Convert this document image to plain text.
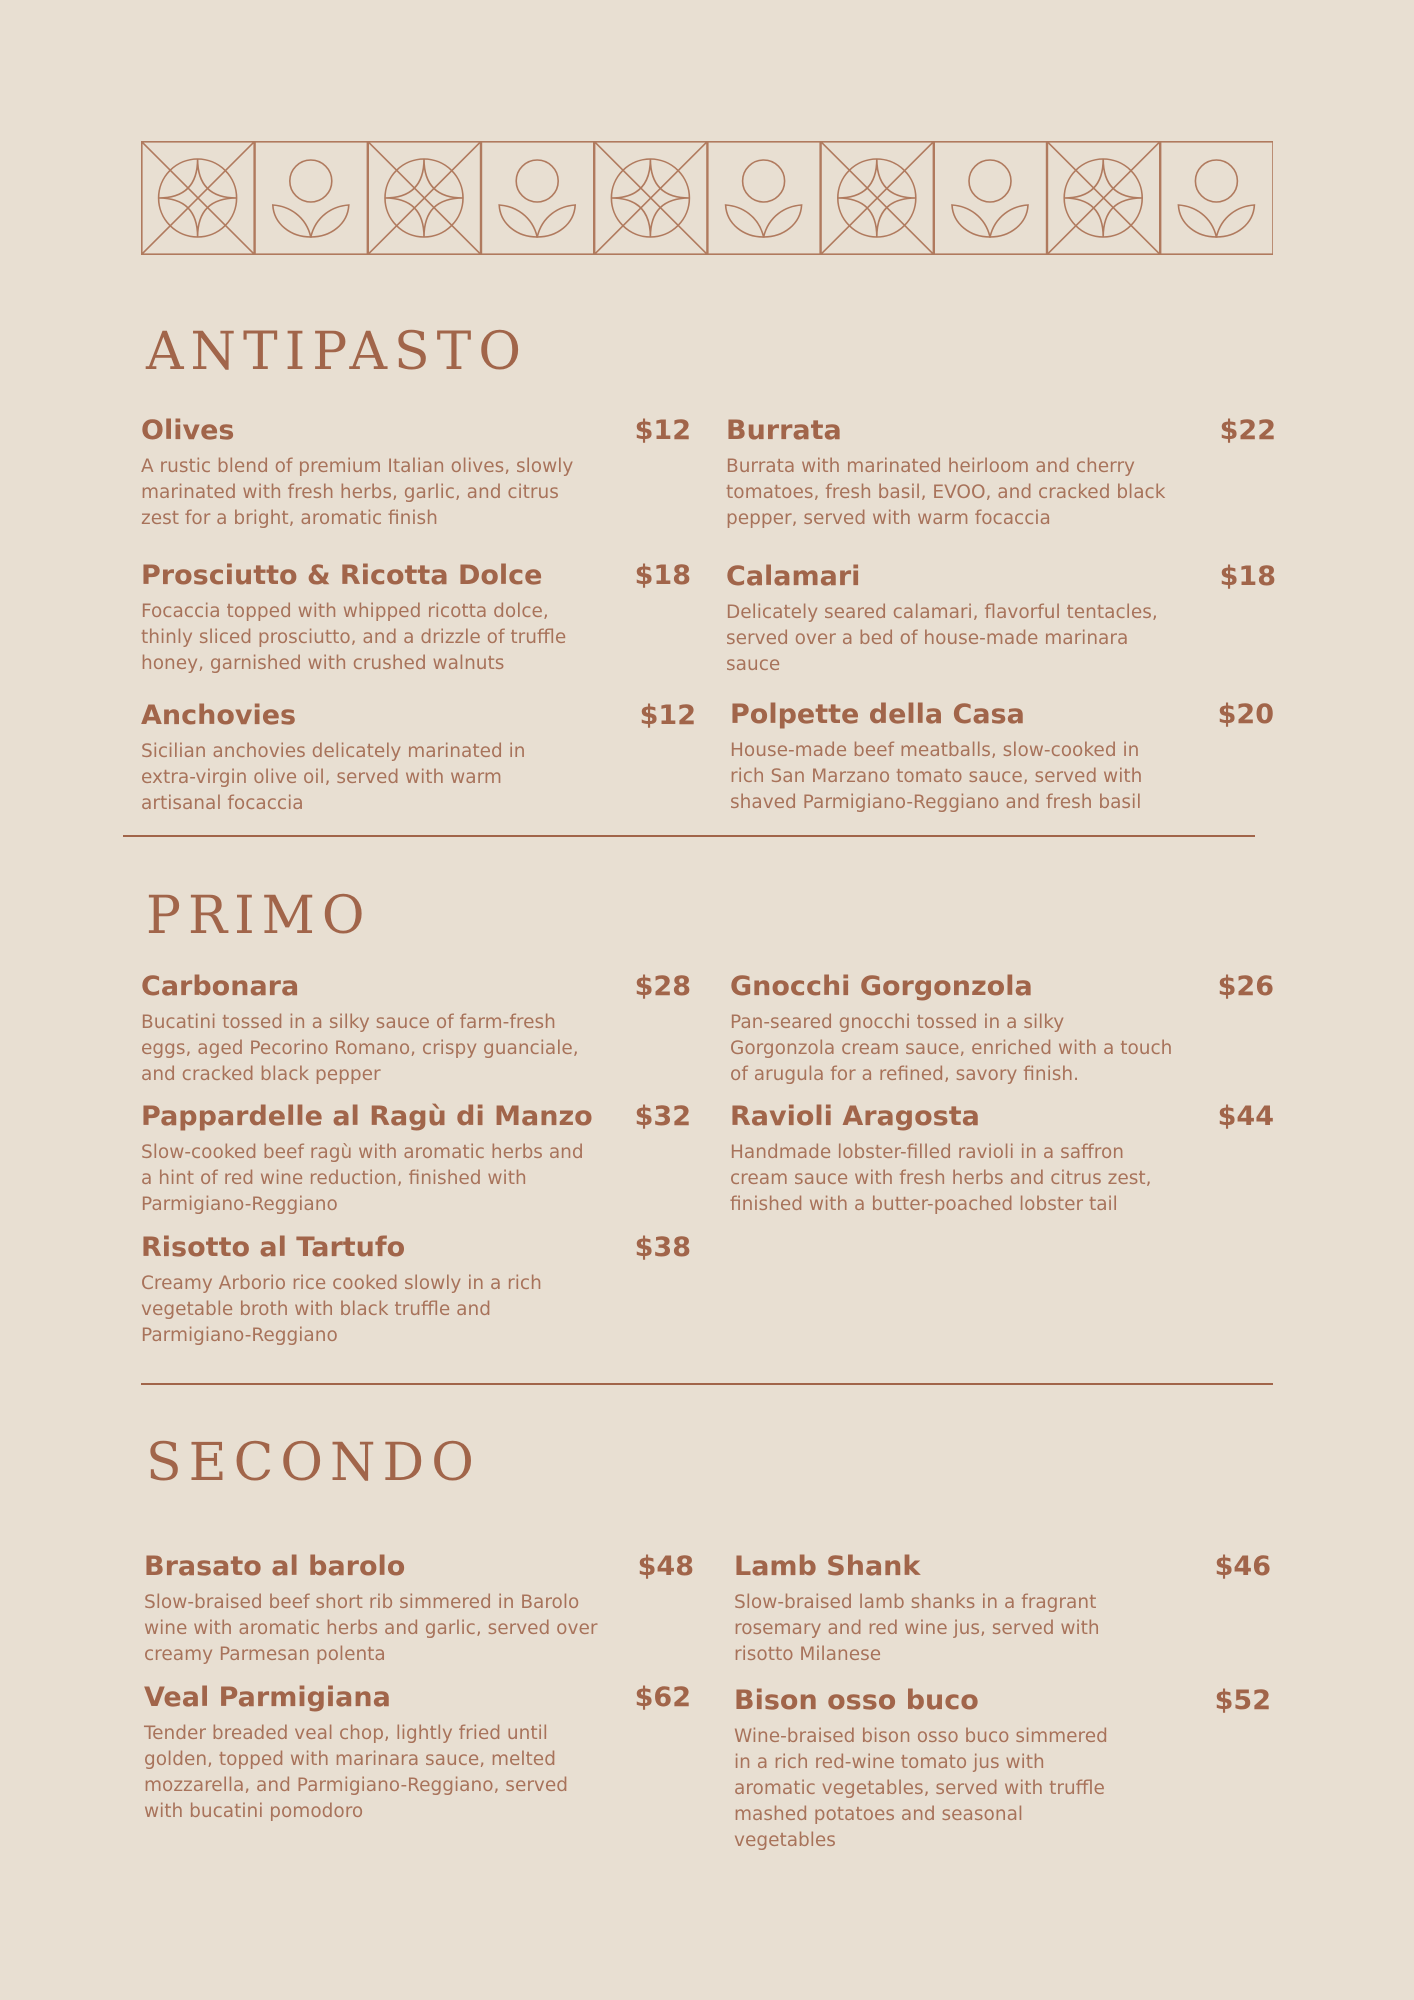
ANTIPASTO
Olives	$12
A rustic blend of premium Italian olives, slowly marinated with fresh herbs, garlic, and citrus zest for a bright, aromatic finish
Burrata	$22
Burrata with marinated heirloom and cherry tomatoes, fresh basil, EVOO, and cracked black pepper, served with warm focaccia
Prosciutto & Ricotta Dolce	$18
Focaccia topped with whipped ricotta dolce, thinly sliced prosciutto, and a drizzle of truffle honey, garnished with crushed walnuts
Calamari	$18
Delicately seared calamari, flavorful tentacles, served over a bed of house-made marinara sauce
Anchovies	$12
Sicilian anchovies delicately marinated in extra-virgin olive oil, served with warm artisanal focaccia
Polpette della Casa	$20
House-made beef meatballs, slow-cooked in rich San Marzano tomato sauce, served with shaved Parmigiano-Reggiano and fresh basil
PRIMO
Carbonara	$28
Bucatini tossed in a silky sauce of farm-fresh eggs, aged Pecorino Romano, crispy guanciale, and cracked black pepper
Gnocchi Gorgonzola	$26
Pan-seared gnocchi tossed in a silky Gorgonzola cream sauce, enriched with a touch of arugula for a refined, savory finish.
Pappardelle al Ragù di Manzo $32
Slow-cooked beef ragù with aromatic herbs and a hint of red wine reduction, finished with Parmigiano-Reggiano
Ravioli Aragosta	$44
Handmade lobster-filled ravioli in a saffron cream sauce with fresh herbs and citrus zest, finished with a butter-poached lobster tail
Risotto al Tartufo	$38
Creamy Arborio rice cooked slowly in a rich vegetable broth with black truffle and Parmigiano-Reggiano
SECONDO
Brasato al barolo	$48
Slow-braised beef short rib simmered in Barolo  wine with aromatic herbs and garlic, served over creamy Parmesan polenta
Lamb Shank	$46
Slow-braised lamb shanks in a fragrant rosemary and red wine jus, served with risotto Milanese
Veal Parmigiana	$62
Tender breaded veal chop, lightly fried until golden, topped with marinara sauce, melted mozzarella, and Parmigiano-Reggiano, served with bucatini pomodoro
Bison osso buco	$52
Wine-braised bison osso buco simmered in a rich red-wine tomato jus with aromatic vegetables, served with truffle mashed potatoes and seasonal vegetables
